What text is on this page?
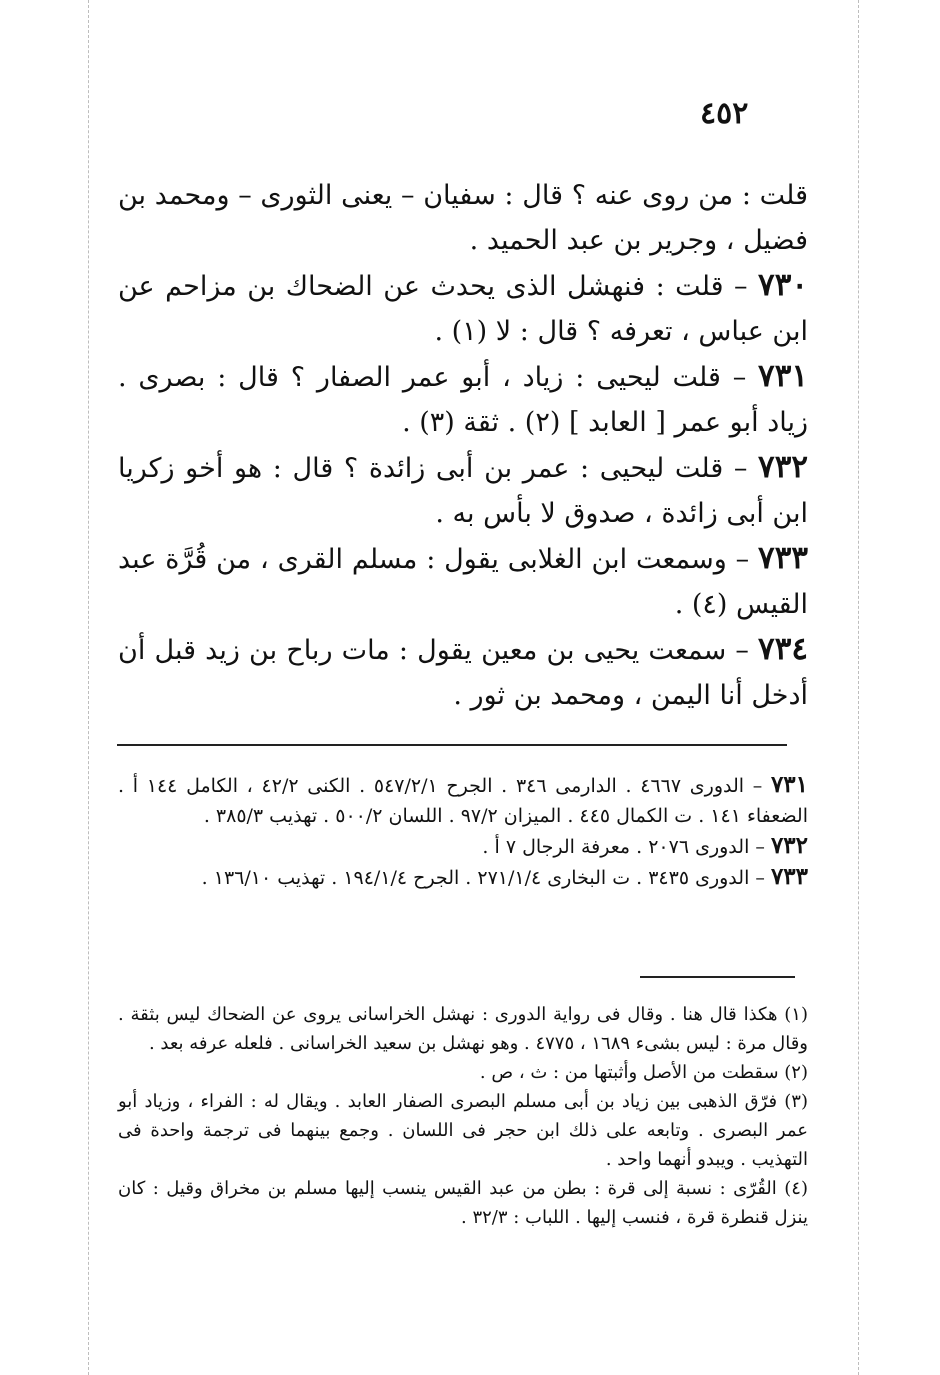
٤٥٢

قلت : من روى عنه ؟ قال : سفيان – يعنى الثورى – ومحمد بن فضيل ، وجرير بن عبد الحميد .

٧٣٠ – قلت : فنهشل الذى يحدث عن الضحاك بن مزاحم عن ابن عباس ، تعرفه ؟ قال : لا (١) .

٧٣١ – قلت ليحيى : زياد ، أبو عمر الصفار ؟ قال : بصرى . زياد أبو عمر [ العابد ] (٢) . ثقة (٣) .

٧٣٢ – قلت ليحيى : عمر بن أبى زائدة ؟ قال : هو أخو زكريا ابن أبى زائدة ، صدوق لا بأس به .

٧٣٣ – وسمعت ابن الغلابى يقول : مسلم القرى ، من قُرَّة عبد القيس (٤) .

٧٣٤ – سمعت يحيى بن معين يقول : مات رباح بن زيد قبل أن أدخل أنا اليمن ، ومحمد بن ثور .

٧٣١ – الدورى ٤٦٦٧ . الدارمى ٣٤٦ . الجرح ٥٤٧/٢/١ . الكنى ٤٢/٢ ، الكامل ١٤٤ أ . الضعفاء ١٤١ . ت الكمال ٤٤٥ . الميزان ٩٧/٢ . اللسان ٥٠٠/٢ . تهذيب ٣٨٥/٣ .

٧٣٢ – الدورى ٢٠٧٦ . معرفة الرجال ٧ أ .

٧٣٣ – الدورى ٣٤٣٥ . ت البخارى ٢٧١/١/٤ . الجرح ١٩٤/١/٤ . تهذيب ١٣٦/١٠ .

(١) هكذا قال هنا . وقال فى رواية الدورى : نهشل الخراسانى يروى عن الضحاك ليس بثقة . وقال مرة : ليس بشىء ١٦٨٩ ، ٤٧٧٥ . وهو نهشل بن سعيد الخراسانى . فلعله عرفه بعد .

(٢) سقطت من الأصل وأثبتها من : ث ، ص .

(٣) فرّق الذهبى بين زياد بن أبى مسلم البصرى الصفار العابد . ويقال له : الفراء ، وزياد أبو عمر البصرى . وتابعه على ذلك ابن حجر فى اللسان . وجمع بينهما فى ترجمة واحدة فى التهذيب . ويبدو أنهما واحد .

(٤) القُرّى : نسبة إلى قرة : بطن من عبد القيس ينسب إليها مسلم بن مخراق وقيل : كان ينزل قنطرة قرة ، فنسب إليها . اللباب : ٣٢/٣ .
